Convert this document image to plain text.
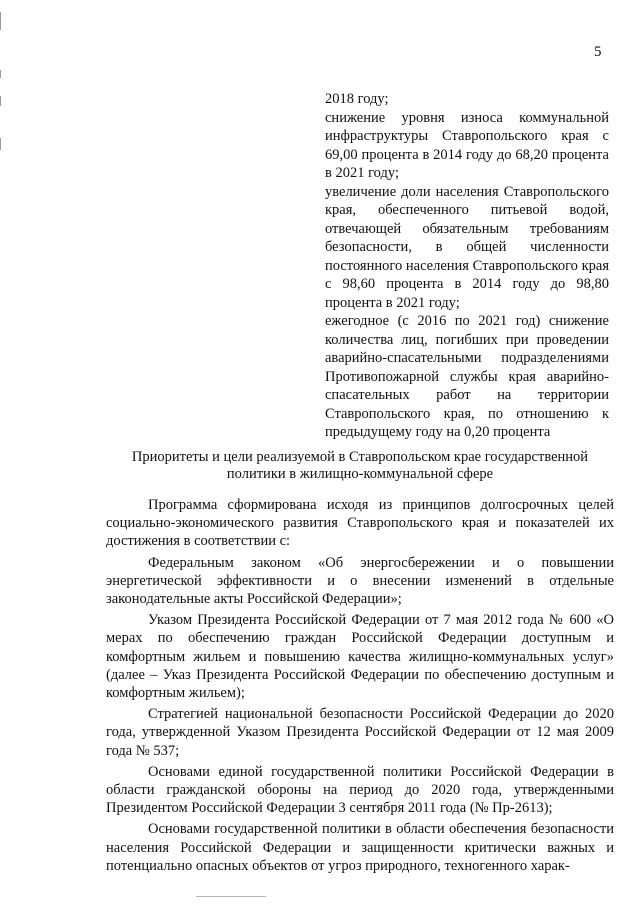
5

2018 году;

снижение уровня износа коммунальной инфраструктуры Ставропольского края с 69,00 процента в 2014 году до 68,20 процента в 2021 году;

увеличение доли населения Ставропольского края, обеспеченного питьевой водой, отвечающей обязательным требованиям безопасности, в общей численности постоянного населения Ставропольского края с 98,60 процента в 2014 году до 98,80 процента в 2021 году;

ежегодное (с 2016 по 2021 год) снижение количества лиц, погибших при проведении аварийно-спасательными подразделениями Противопожарной службы края аварийно-спасательных работ на территории Ставропольского края, по отношению к предыдущему году на 0,20 процента

Приоритеты и цели реализуемой в Ставропольском крае государственной
политики в жилищно-коммунальной сфере

Программа сформирована исходя из принципов долгосрочных целей социально-экономического развития Ставропольского края и показателей их достижения в соответствии с:

Федеральным законом «Об энергосбережении и о повышении энергетической эффективности и о внесении изменений в отдельные законодательные акты Российской Федерации»;

Указом Президента Российской Федерации от 7 мая 2012 года № 600 «О мерах по обеспечению граждан Российской Федерации доступным и комфортным жильем и повышению качества жилищно-коммунальных услуг» (далее – Указ Президента Российской Федерации по обеспечению доступным и комфортным жильем);

Стратегией национальной безопасности Российской Федерации до 2020 года, утвержденной Указом Президента Российской Федерации от 12 мая 2009 года № 537;

Основами единой государственной политики Российской Федерации в области гражданской обороны на период до 2020 года, утвержденными Президентом Российской Федерации 3 сентября 2011 года (№ Пр-2613);

Основами государственной политики в области обеспечения безопасности населения Российской Федерации и защищенности критически важных и потенциально опасных объектов от угроз природного, техногенного харак-
